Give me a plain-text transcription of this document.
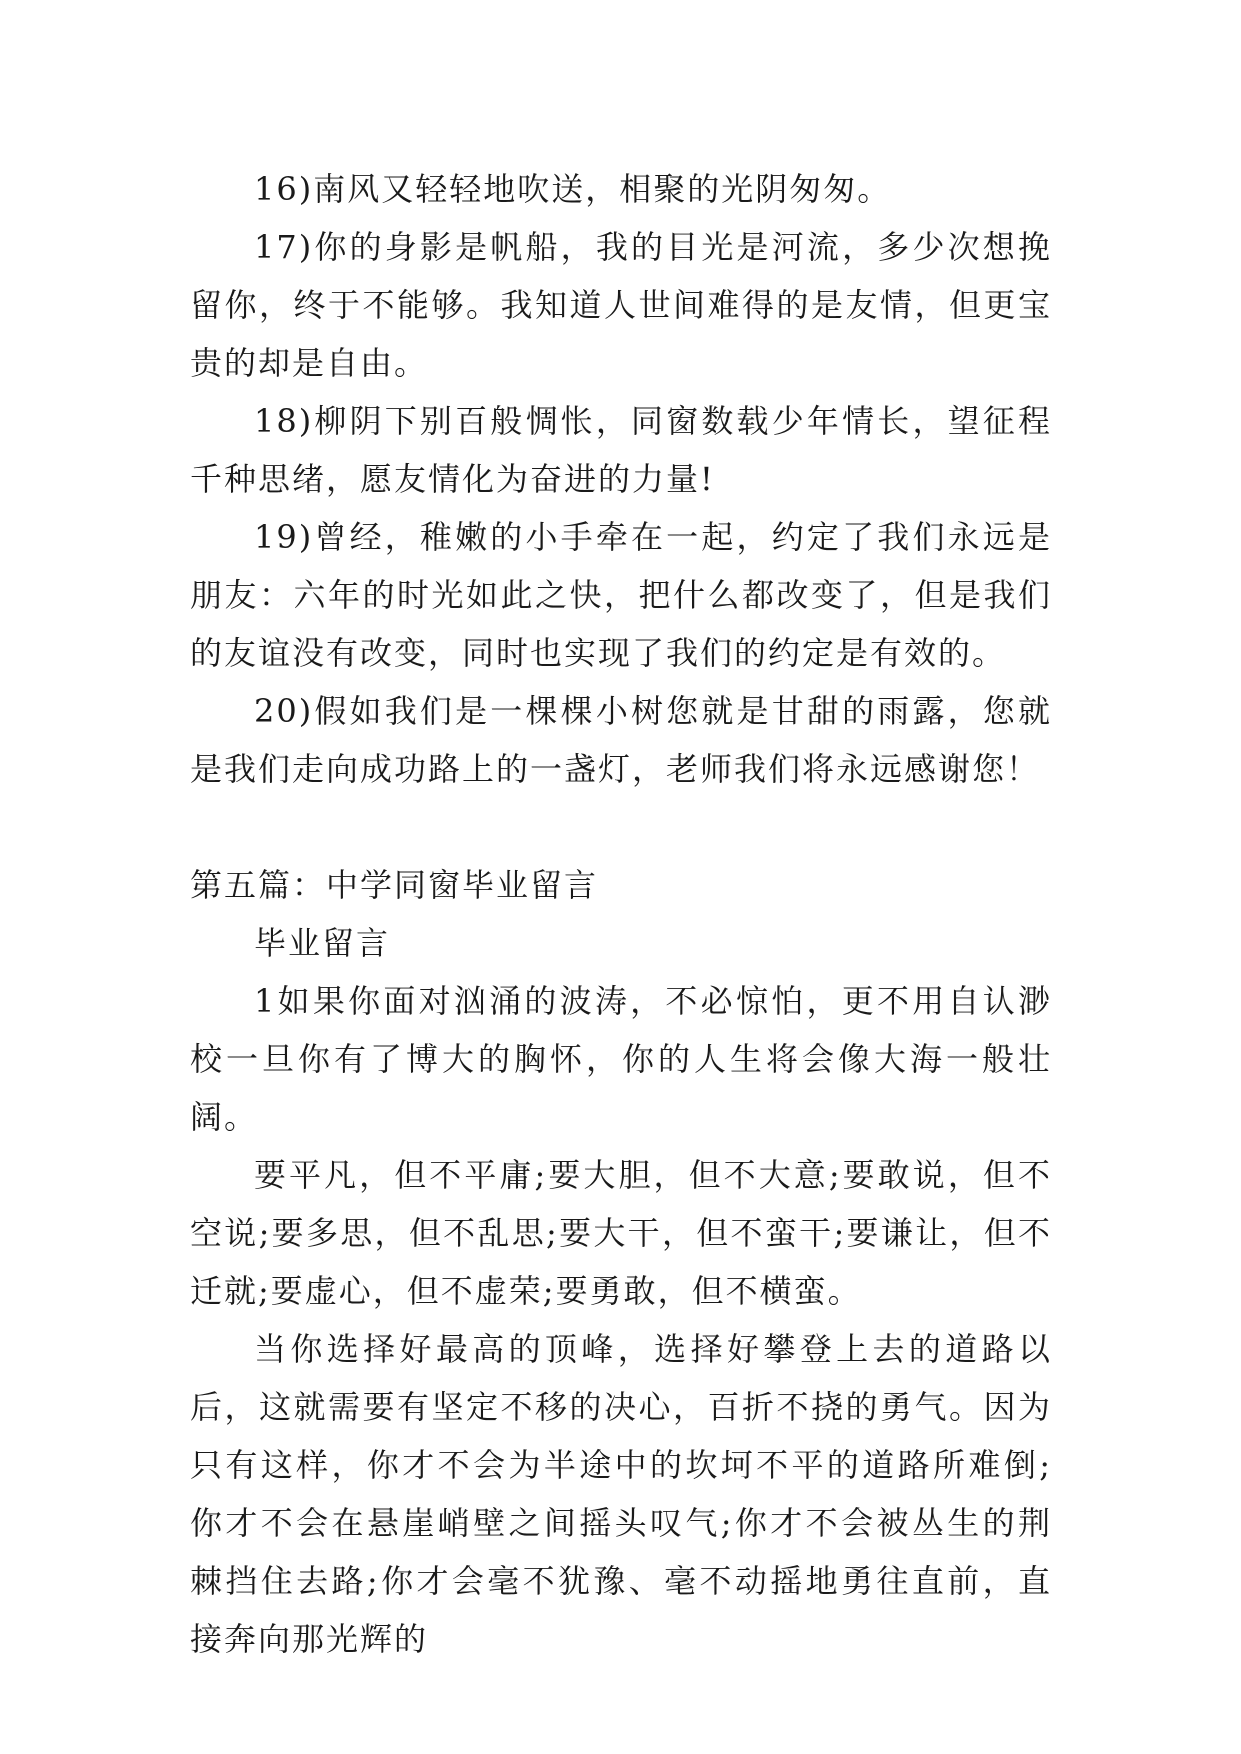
16)南风又轻轻地吹送，相聚的光阴匆匆。

17)你的身影是帆船，我的目光是河流，多少次想挽留你，终于不能够。我知道人世间难得的是友情，但更宝贵的却是自由。

18)柳阴下别百般惆怅，同窗数载少年情长，望征程千种思绪，愿友情化为奋进的力量!

19)曾经，稚嫩的小手牵在一起，约定了我们永远是朋友：六年的时光如此之快，把什么都改变了，但是我们的友谊没有改变，同时也实现了我们的约定是有效的。

20)假如我们是一棵棵小树您就是甘甜的雨露，您就是我们走向成功路上的一盏灯，老师我们将永远感谢您！

第五篇：中学同窗毕业留言

毕业留言

1如果你面对汹涌的波涛，不必惊怕，更不用自认渺校一旦你有了博大的胸怀，你的人生将会像大海一般壮阔。

要平凡，但不平庸;要大胆，但不大意;要敢说，但不空说;要多思，但不乱思;要大干，但不蛮干;要谦让，但不迁就;要虚心，但不虚荣;要勇敢，但不横蛮。

当你选择好最高的顶峰，选择好攀登上去的道路以后，这就需要有坚定不移的决心，百折不挠的勇气。因为只有这样，你才不会为半途中的坎坷不平的道路所难倒;你才不会在悬崖峭壁之间摇头叹气;你才不会被丛生的荆棘挡住去路;你才会毫不犹豫、毫不动摇地勇往直前，直接奔向那光辉的
